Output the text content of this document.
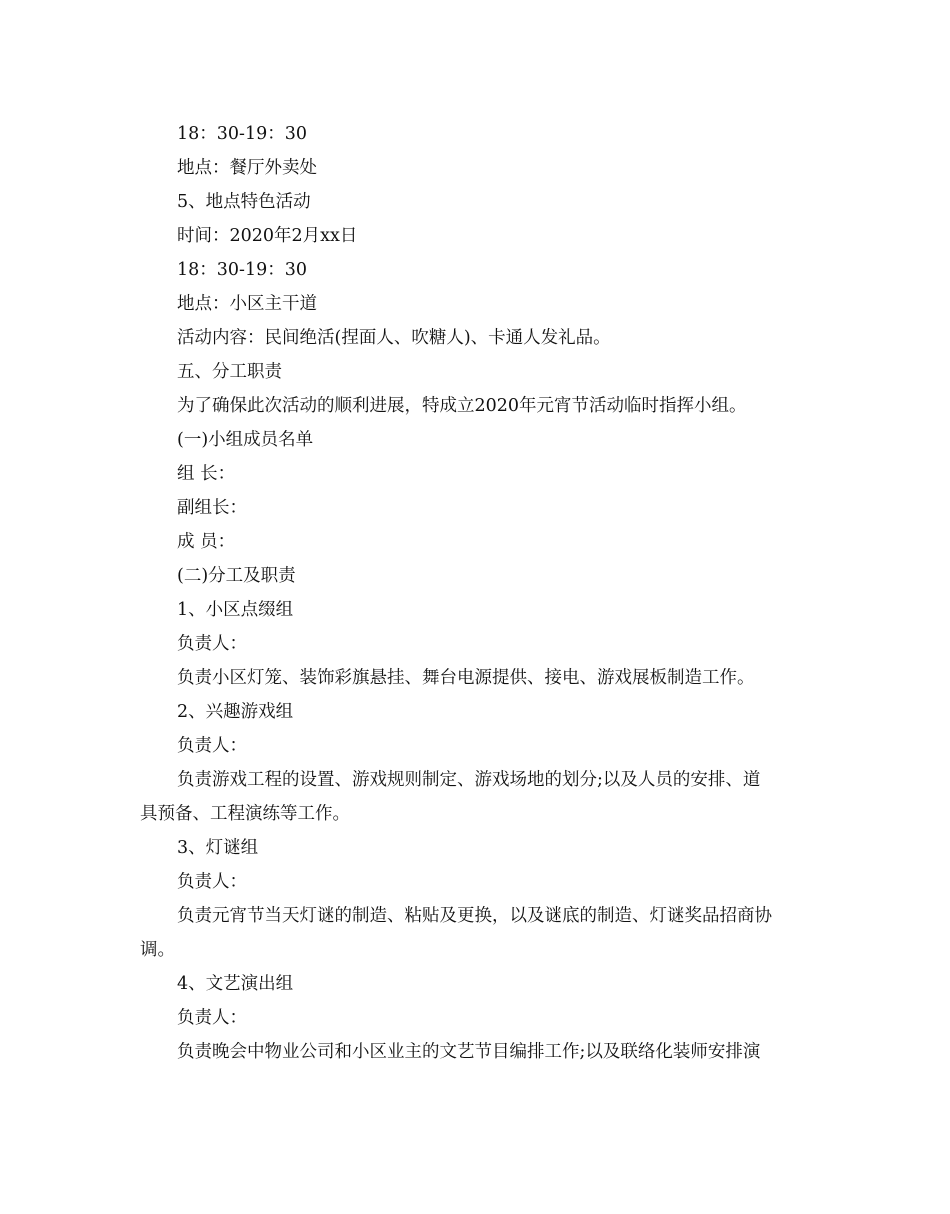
18：30-19：30
地点：餐厅外卖处
5、地点特色活动
时间：2020年2月xx日
18：30-19：30
地点：小区主干道
活动内容：民间绝活(捏面人、吹糖人)、卡通人发礼品。
五、分工职责
为了确保此次活动的顺利进展，特成立2020年元宵节活动临时指挥小组。
(一)小组成员名单
组 长：
副组长：
成 员：
(二)分工及职责
1、小区点缀组
负责人：
负责小区灯笼、装饰彩旗悬挂、舞台电源提供、接电、游戏展板制造工作。
2、兴趣游戏组
负责人：
负责游戏工程的设置、游戏规则制定、游戏场地的划分;以及人员的安排、道
具预备、工程演练等工作。
3、灯谜组
负责人：
负责元宵节当天灯谜的制造、粘贴及更换，以及谜底的制造、灯谜奖品招商协
调。
4、文艺演出组
负责人：
负责晚会中物业公司和小区业主的文艺节目编排工作;以及联络化装师安排演
